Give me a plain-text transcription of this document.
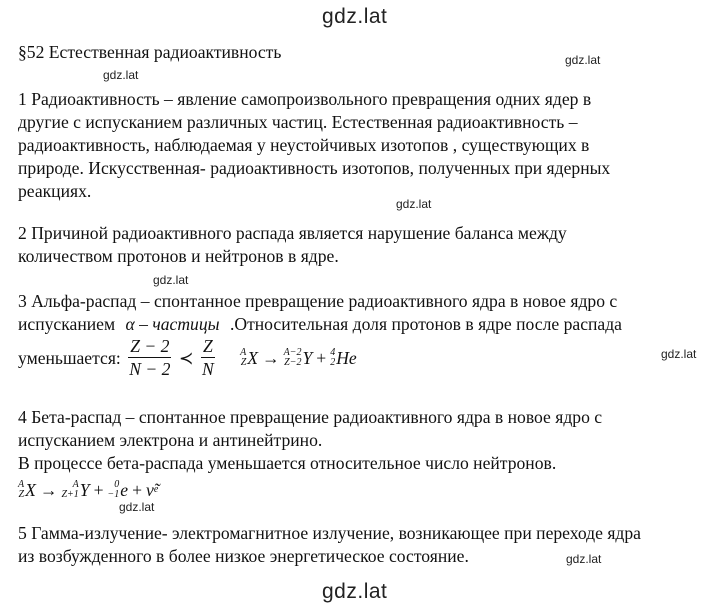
gdz.lat
gdz.lat
gdz.lat
gdz.lat
gdz.lat
gdz.lat
gdz.lat
gdz.lat
gdz.lat
§52 Естественная радиоактивность
1 Радиоактивность – явление самопроизвольного превращения одних ядер в
другие с испусканием различных частиц. Естественная радиоактивность –
радиоактивность, наблюдаемая у неустойчивых изотопов , существующих в
природе. Искусственная- радиоактивность изотопов, полученных при ядерных
реакциях.
2 Причиной радиоактивного распада является нарушение баланса между
количеством протонов и нейтронов в ядре.
3 Альфа-распад – спонтанное превращение радиоактивного ядра в новое ядро с
испусканием α – частицы .Относительная доля протонов в ядре после распада
уменьшается: $\frac{Z - 2}{N - 2}$ ≺ $\frac{Z}{N}$
A
Z X → A−2
Z−2 Y + 4
2 He
4 Бета-распад – спонтанное превращение радиоактивного ядра в новое ядро с
испусканием электрона и антинейтрино.
В процессе бета-распада уменьшается относительное число нейтронов.
A
Z X →	A
Z+1 Y +	0
−1 e + ν̃ e
5 Гамма-излучение- электромагнитное излучение, возникающее при переходе ядра
из возбужденного в более низкое энергетическое состояние.
